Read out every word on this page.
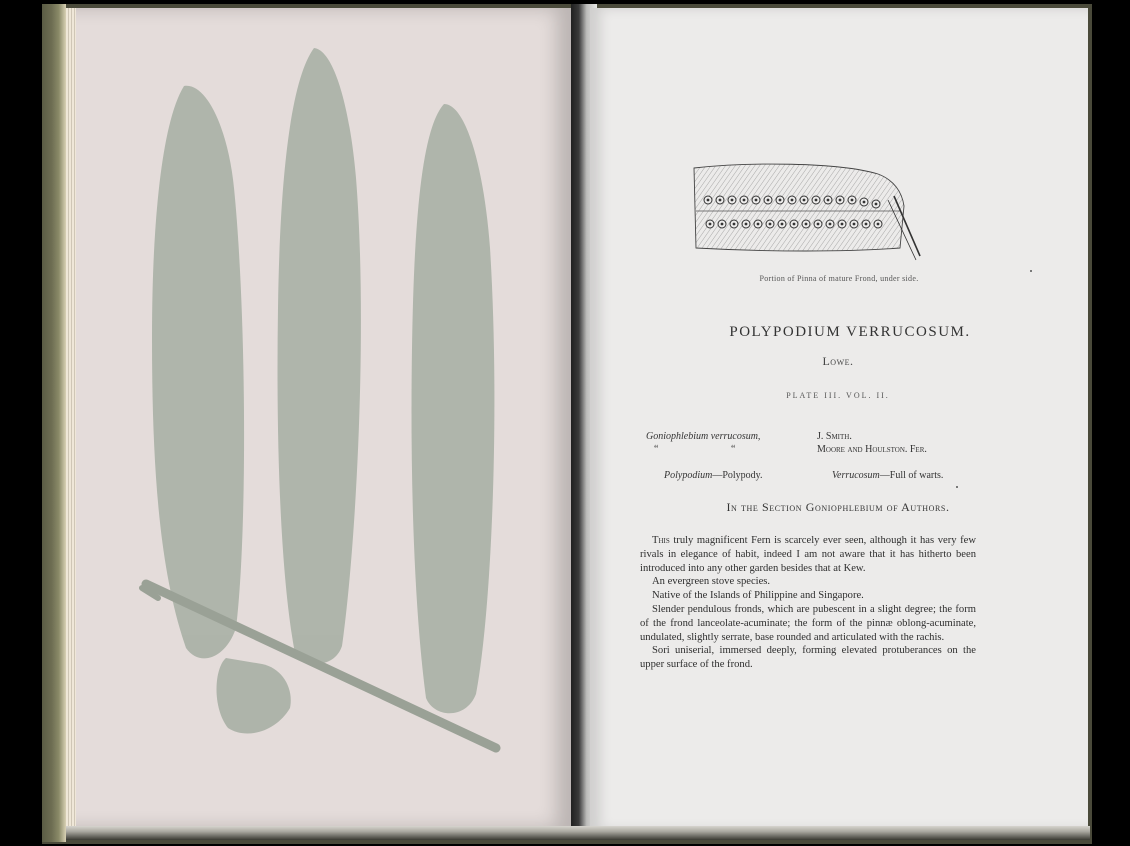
Portion of Pinna of mature Frond, under side.
POLYPODIUM VERRUCOSUM.
Lowe.
PLATE III. VOL. II.
Goniophlebium verrucosum,
“ “
J. Smith.
Moore and Houlston. Fer.
Polypodium—Polypody.	Verrucosum—Full of warts.
In the Section Goniophlebium of Authors.

This truly magnificent Fern is scarcely ever seen, although it has very few rivals in elegance of habit, indeed I am not aware that it has hitherto been introduced into any other garden besides that at Kew.

An evergreen stove species.

Native of the Islands of Philippine and Singapore.

Slender pendulous fronds, which are pubescent in a slight degree; the form of the frond lanceolate-acuminate; the form of the pinnæ oblong-acuminate, undulated, slightly serrate, base rounded and articulated with the rachis.

Sori uniserial, immersed deeply, forming elevated protuberances on the upper surface of the frond.
